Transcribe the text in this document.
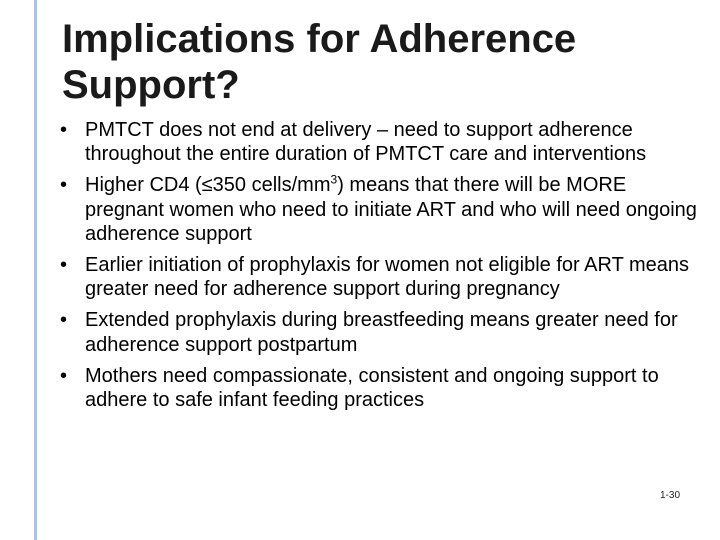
Implications for Adherence Support?
• PMTCT does not end at delivery – need to support adherence throughout the entire duration of PMTCT care and interventions
• Higher CD4 (≤350 cells/$mm^3$) means that there will be MORE pregnant women who need to initiate ART and who will need ongoing adherence support
• Earlier initiation of prophylaxis for women not eligible for ART means greater need for adherence support during pregnancy
• Extended prophylaxis during breastfeeding means greater need for adherence support postpartum
• Mothers need compassionate, consistent and ongoing support to adhere to safe infant feeding practices
1-30
